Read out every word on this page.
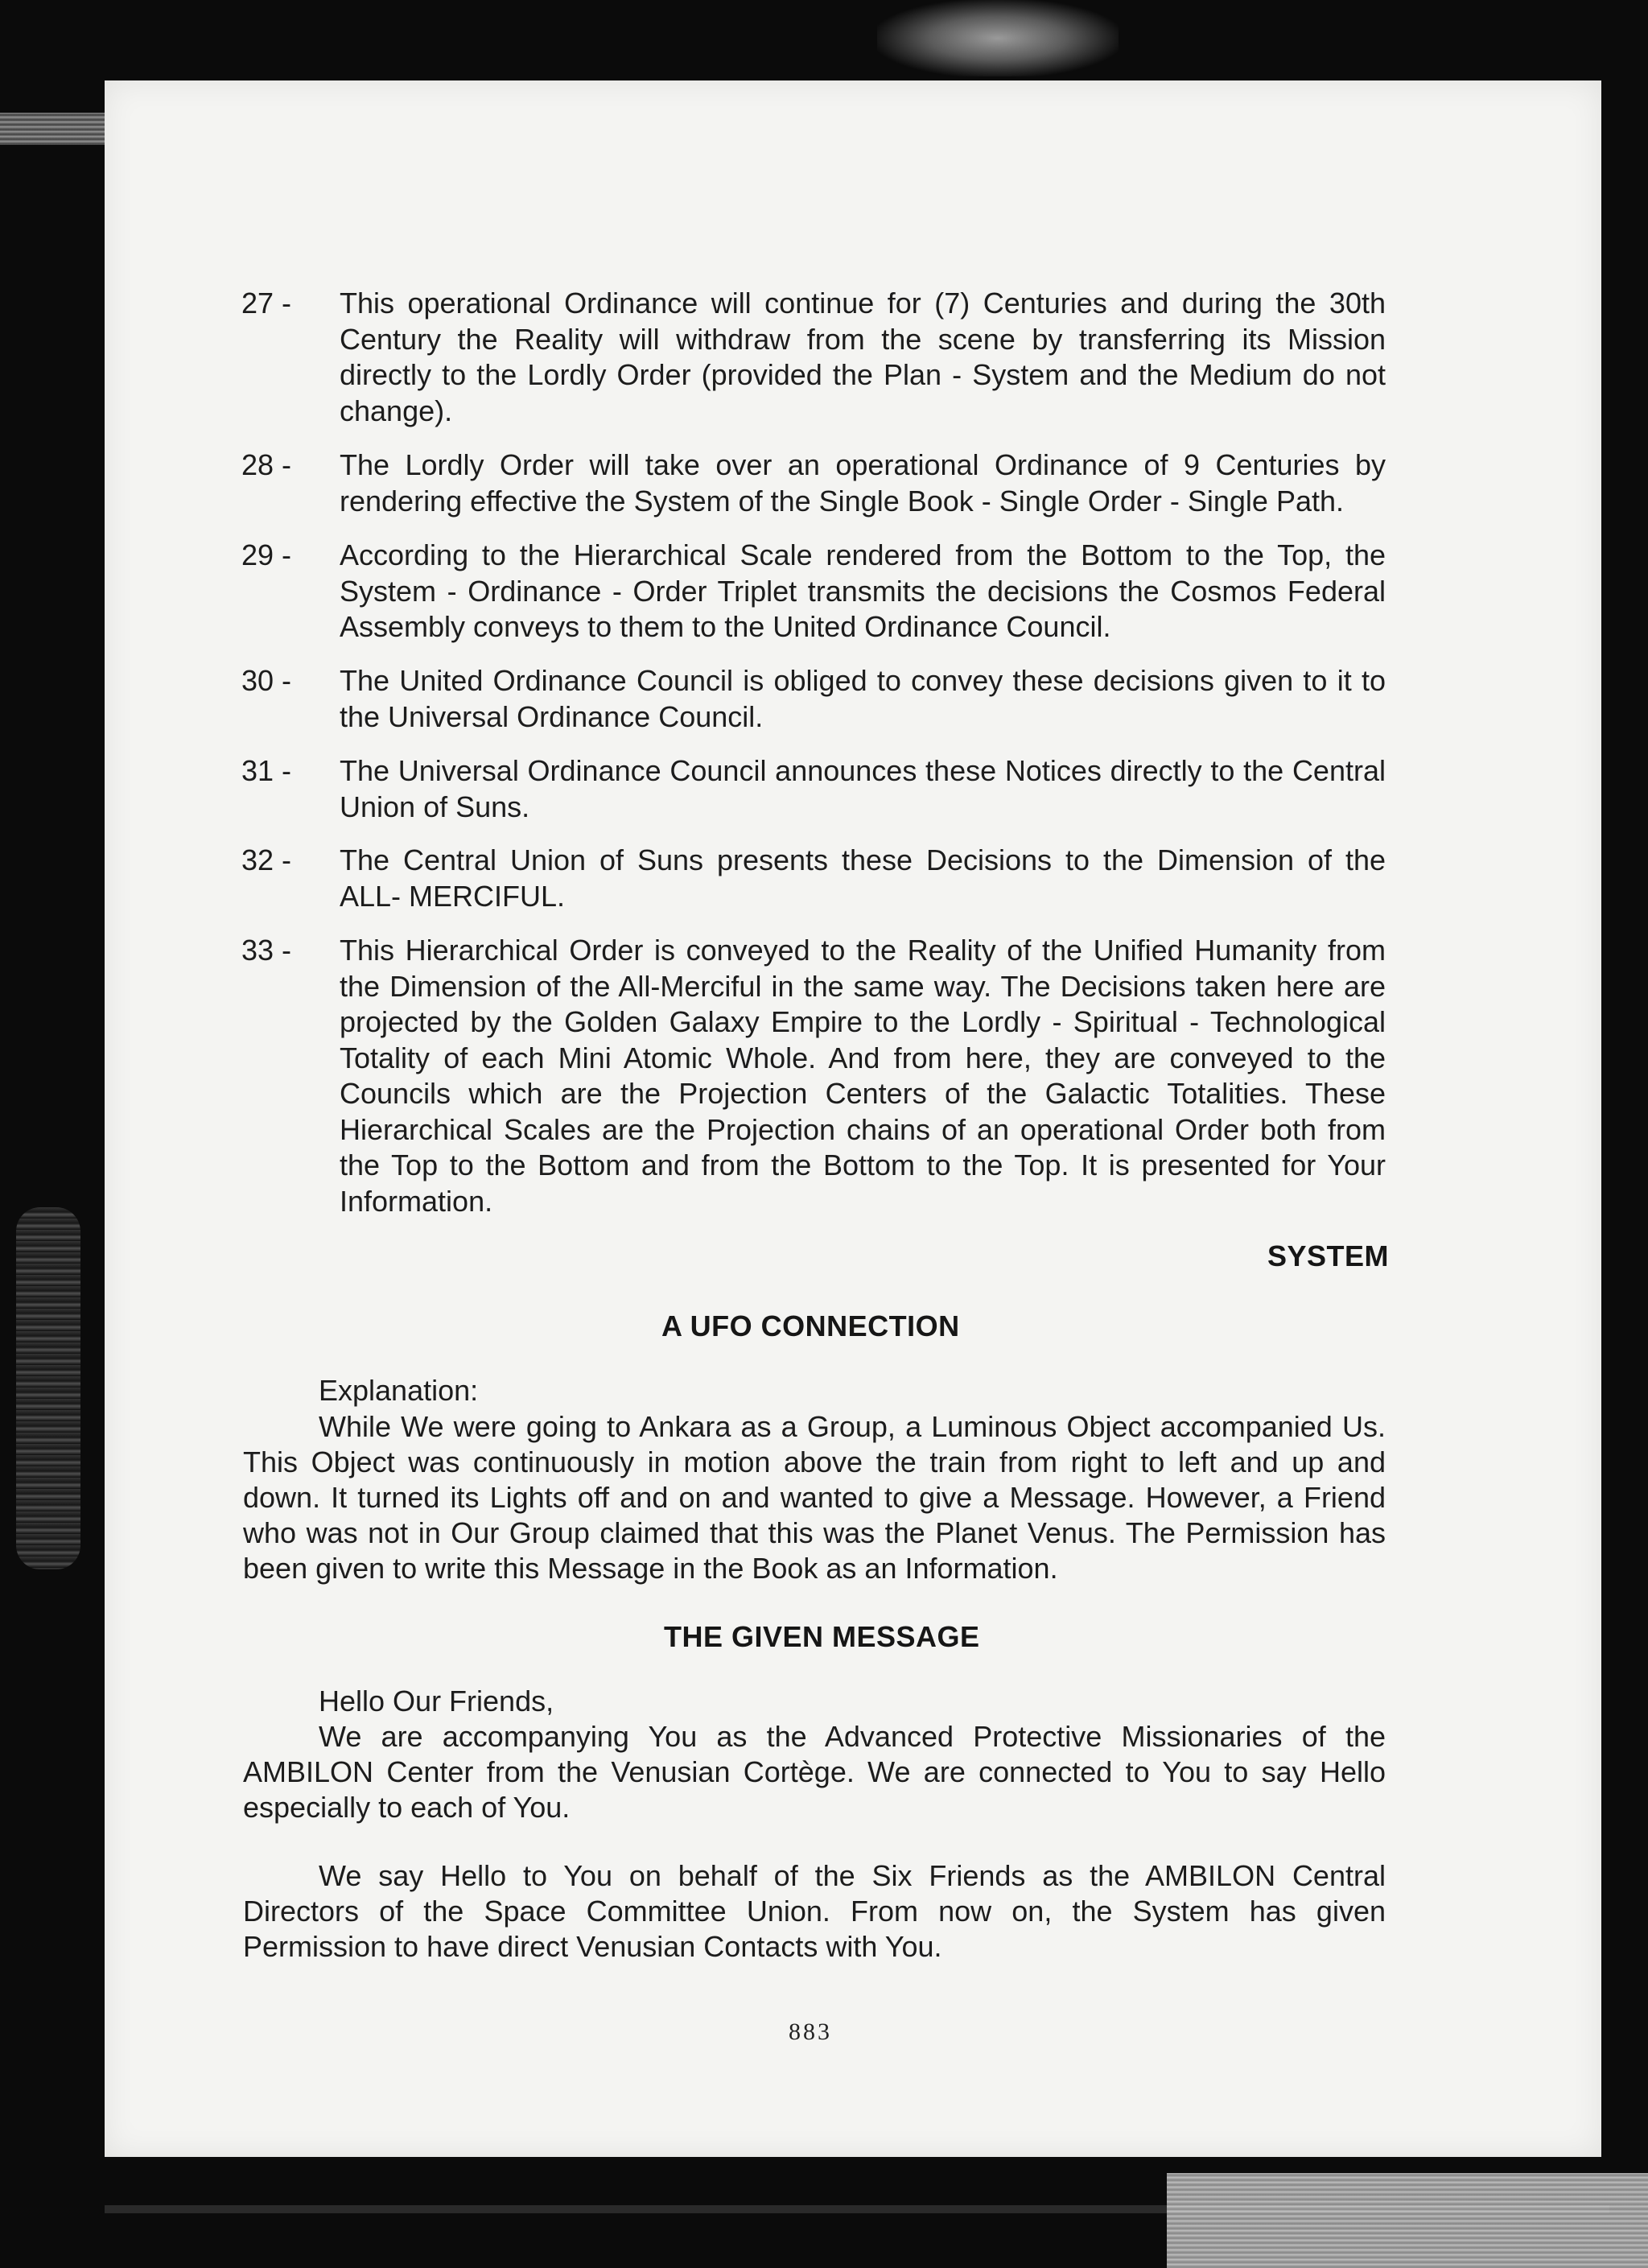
27 -	This operational Ordinance will continue for (7) Centuries and during the 30th Century the Reality will withdraw from the scene by transferring its Mission directly to the Lordly Order (provided the Plan - System and the Medium do not change).
28 -	The Lordly Order will take over an operational Ordinance of 9 Centuries by rendering effective the System of the Single Book - Single Order - Single Path.
29 -	According to the Hierarchical Scale rendered from the Bottom to the Top, the System - Ordinance - Order Triplet transmits the decisions the Cosmos Federal Assembly conveys to them to the United Ordinance Council.
30 -	The United Ordinance Council is obliged to convey these decisions given to it to the Universal Ordinance Council.
31 -	The Universal Ordinance Council announces these Notices directly to the Central Union of Suns.
32 -	The Central Union of Suns presents these Decisions to the Dimension of the ALL- MERCIFUL.
33 -	This Hierarchical Order is conveyed to the Reality of the Unified Humanity from the Dimension of the All-Merciful in the same way. The Decisions taken here are projected by the Golden Galaxy Empire to the Lordly - Spiritual - Technological Totality of each Mini Atomic Whole. And from here, they are conveyed to the Councils which are the Projection Centers of the Galactic Totalities. These Hierarchical Scales are the Projection chains of an operational Order both from the Top to the Bottom and from the Bottom to the Top. It is presented for Your Information.
SYSTEM
A UFO CONNECTION
Explanation:
While We were going to Ankara as a Group, a Luminous Object accompanied Us. This Object was continuously in motion above the train from right to left and up and down. It turned its Lights off and on and wanted to give a Message. However, a Friend who was not in Our Group claimed that this was the Planet Venus. The Permission has been given to write this Message in the Book as an Information.
THE GIVEN MESSAGE
Hello Our Friends,
We are accompanying You as the Advanced Protective Missionaries of the AMBILON Center from the Venusian Cortège. We are connected to You to say Hello especially to each of You.
We say Hello to You on behalf of the Six Friends as the AMBILON Central Directors of the Space Committee Union. From now on, the System has given Permission to have direct Venusian Contacts with You.
883
